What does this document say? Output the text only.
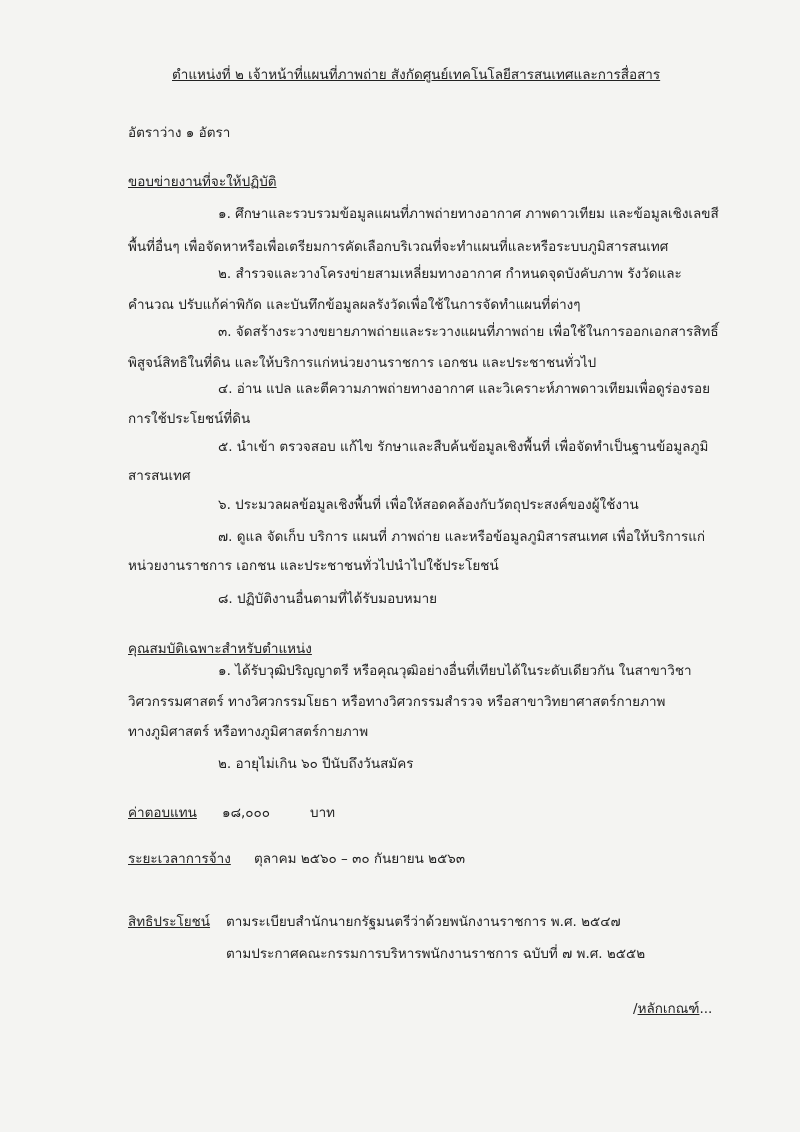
ตำแหน่งที่ ๒ เจ้าหน้าที่แผนที่ภาพถ่าย สังกัดศูนย์เทคโนโลยีสารสนเทศและการสื่อสาร
อัตราว่าง ๑ อัตรา
ขอบข่ายงานที่จะให้ปฏิบัติ
๑. ศึกษาและรวบรวมข้อมูลแผนที่ภาพถ่ายทางอากาศ ภาพดาวเทียม และข้อมูลเชิงเลขสี
พื้นที่อื่นๆ เพื่อจัดหาหรือเพื่อเตรียมการคัดเลือกบริเวณที่จะทำแผนที่และหรือระบบภูมิสารสนเทศ
๒. สำรวจและวางโครงข่ายสามเหลี่ยมทางอากาศ กำหนดจุดบังคับภาพ รังวัดและ
คำนวณ ปรับแก้ค่าพิกัด และบันทึกข้อมูลผลรังวัดเพื่อใช้ในการจัดทำแผนที่ต่างๆ
๓. จัดสร้างระวางขยายภาพถ่ายและระวางแผนที่ภาพถ่าย เพื่อใช้ในการออกเอกสารสิทธิ์
พิสูจน์สิทธิในที่ดิน และให้บริการแก่หน่วยงานราชการ เอกชน และประชาชนทั่วไป
๔. อ่าน แปล และตีความภาพถ่ายทางอากาศ และวิเคราะห์ภาพดาวเทียมเพื่อดูร่องรอย
การใช้ประโยชน์ที่ดิน
๕. นำเข้า ตรวจสอบ แก้ไข รักษาและสืบค้นข้อมูลเชิงพื้นที่ เพื่อจัดทำเป็นฐานข้อมูลภูมิ
สารสนเทศ
๖. ประมวลผลข้อมูลเชิงพื้นที่ เพื่อให้สอดคล้องกับวัตถุประสงค์ของผู้ใช้งาน
๗. ดูแล จัดเก็บ บริการ แผนที่ ภาพถ่าย และหรือข้อมูลภูมิสารสนเทศ เพื่อให้บริการแก่
หน่วยงานราชการ เอกชน และประชาชนทั่วไปนำไปใช้ประโยชน์
๘. ปฏิบัติงานอื่นตามที่ได้รับมอบหมาย
คุณสมบัติเฉพาะสำหรับตำแหน่ง
๑. ได้รับวุฒิปริญญาตรี หรือคุณวุฒิอย่างอื่นที่เทียบได้ในระดับเดียวกัน ในสาขาวิชา
วิศวกรรมศาสตร์ ทางวิศวกรรมโยธา หรือทางวิศวกรรมสำรวจ หรือสาขาวิทยาศาสตร์กายภาพ
ทางภูมิศาสตร์ หรือทางภูมิศาสตร์กายภาพ
๒. อายุไม่เกิน ๖๐ ปีนับถึงวันสมัคร
ค่าตอบแทน ๑๘,๐๐๐	บาท
ระยะเวลาการจ้าง ตุลาคม ๒๕๖๐ – ๓๐ กันยายน ๒๕๖๓
สิทธิประโยชน์ ตามระเบียบสำนักนายกรัฐมนตรีว่าด้วยพนักงานราชการ พ.ศ. ๒๕๔๗
ตามประกาศคณะกรรมการบริหารพนักงานราชการ ฉบับที่ ๗ พ.ศ. ๒๕๕๒
/หลักเกณฑ์...
